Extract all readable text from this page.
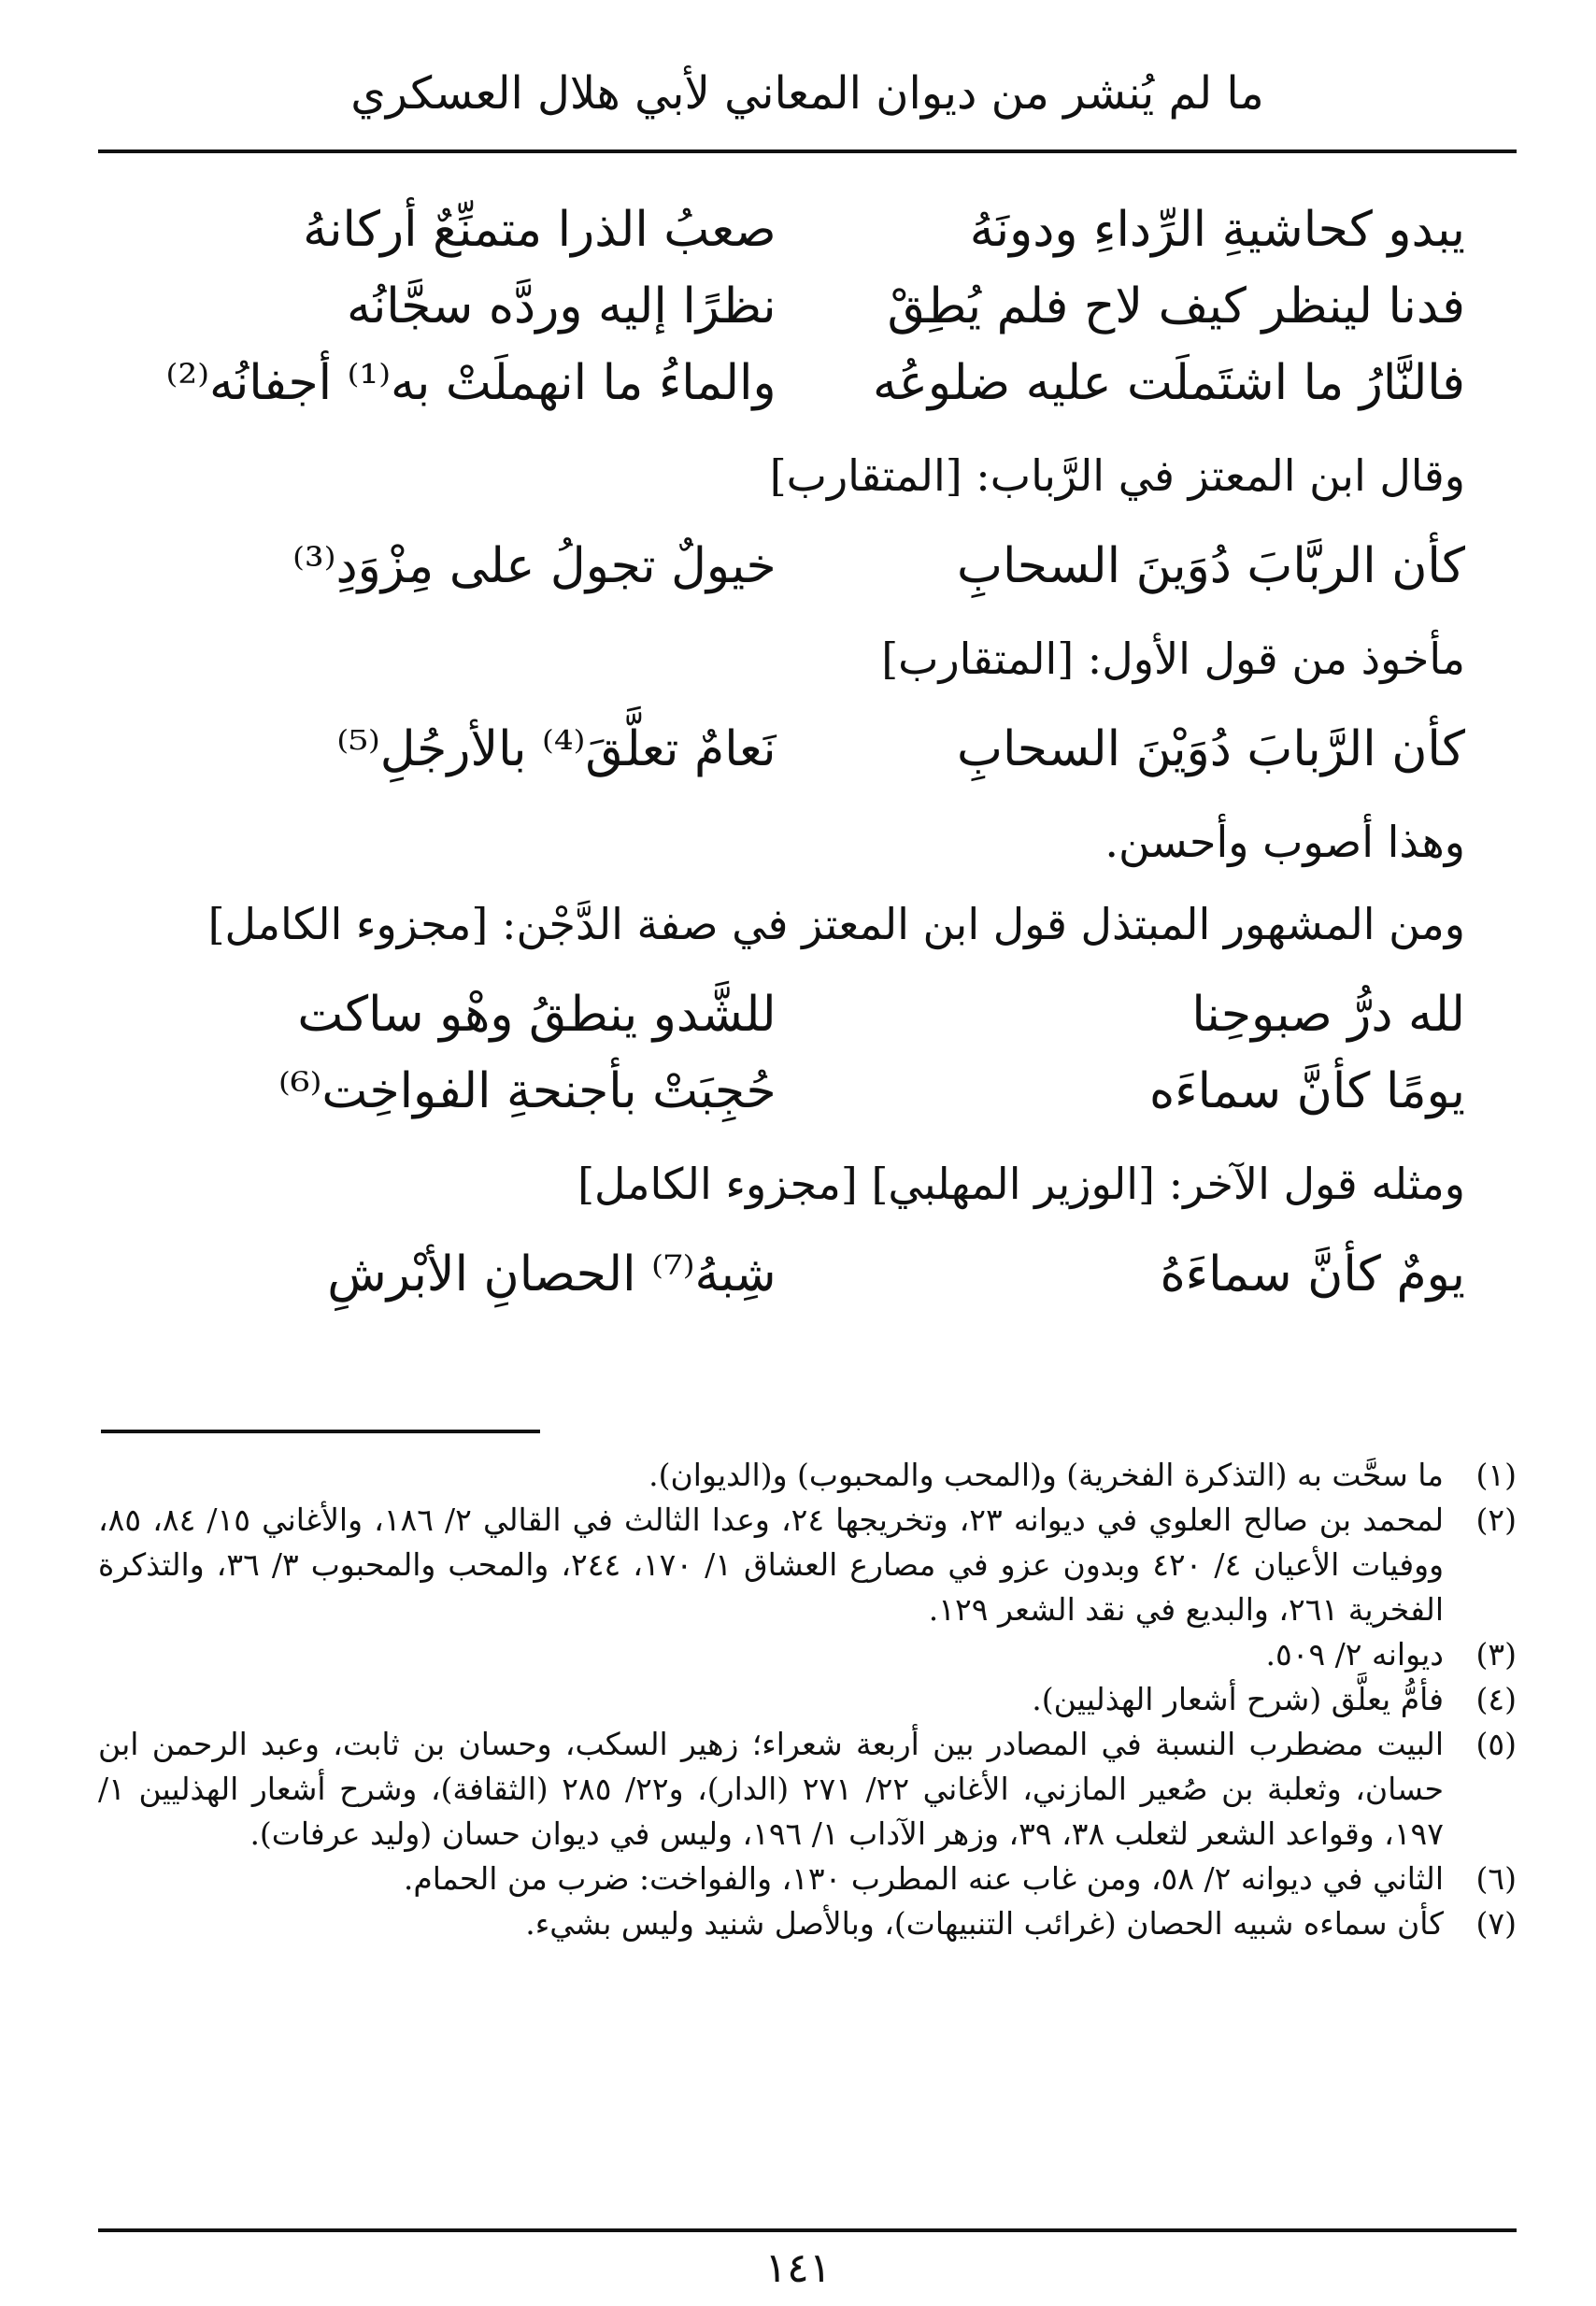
ما لم يُنشر من ديوان المعاني لأبي هلال العسكري
يبدو كحاشيةِ الرِّداءِ ودونَهُ
صعبُ الذرا متمنِّعٌ أركانهُ
فدنا لينظر كيف لاح فلم يُطِقْ
نظرًا إليه وردَّه سجَّانُه
فالنَّارُ ما اشتَملَت عليه ضلوعُه
والماءُ ما انهملَتْ به⁽¹⁾ أجفانُه⁽²⁾
وقال ابن المعتز في الرَّباب: [المتقارب]
كأن الربَّابَ دُوَينَ السحابِ
خيولٌ تجولُ على مِزْوَدِ⁽³⁾
مأخوذ من قول الأول: [المتقارب]
كأن الرَّبابَ دُوَيْنَ السحابِ
نَعامٌ تعلَّقَ⁽⁴⁾ بالأرجُلِ⁽⁵⁾
وهذا أصوب وأحسن.
ومن المشهور المبتذل قول ابن المعتز في صفة الدَّجْن: [مجزوء الكامل]
لله درُّ صبوحِنا
للشَّدو ينطقُ وهْو ساكت
يومًا كأنَّ سماءَه
حُجِبَتْ بأجنحةِ الفواخِت⁽⁶⁾
ومثله قول الآخر: [الوزير المهلبي] [مجزوء الكامل]
يومٌ كأنَّ سماءَهُ
شِبهُ⁽⁷⁾ الحصانِ الأبْرشِ
(١)
ما سحَّت به (التذكرة الفخرية) و(المحب والمحبوب) و(الديوان).
(٢)
لمحمد بن صالح العلوي في ديوانه ٢٣، وتخريجها ٢٤، وعدا الثالث في القالي ٢/ ١٨٦، والأغاني ١٥/ ٨٤، ٨٥، ووفيات الأعيان ٤/ ٤٢٠ وبدون عزو في مصارع العشاق ١/ ١٧٠، ٢٤٤، والمحب والمحبوب ٣/ ٣٦، والتذكرة الفخرية ٢٦١، والبديع في نقد الشعر ١٢٩.
(٣)
ديوانه ٢/ ٥٠٩.
(٤)
فأمُّ يعلَّق (شرح أشعار الهذليين).
(٥)
البيت مضطرب النسبة في المصادر بين أربعة شعراء؛ زهير السكب، وحسان بن ثابت، وعبد الرحمن ابن حسان، وثعلبة بن صُعير المازني، الأغاني ٢٢/ ٢٧١ (الدار)، و٢٢/ ٢٨٥ (الثقافة)، وشرح أشعار الهذليين ١/ ١٩٧، وقواعد الشعر لثعلب ٣٨، ٣٩، وزهر الآداب ١/ ١٩٦، وليس في ديوان حسان (وليد عرفات).
(٦)
الثاني في ديوانه ٢/ ٥٨، ومن غاب عنه المطرب ١٣٠، والفواخت: ضرب من الحمام.
(٧)
كأن سماءه شبيه الحصان (غرائب التنبيهات)، وبالأصل شنيد وليس بشيء.
١٤١
